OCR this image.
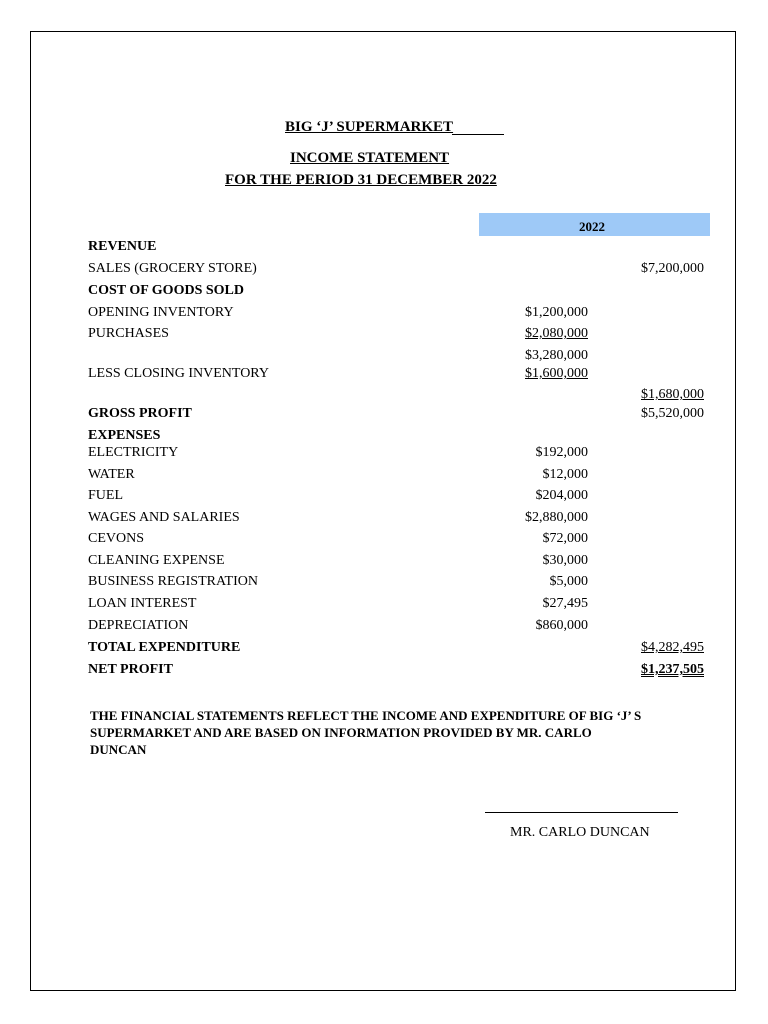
BIG ‘J’ SUPERMARKET
INCOME STATEMENT
FOR THE PERIOD 31 DECEMBER 2022
2022
REVENUE
SALES (GROCERY STORE)	$7,200,000
COST OF GOODS SOLD
OPENING INVENTORY	$1,200,000
PURCHASES	$2,080,000
$3,280,000
LESS CLOSING INVENTORY	$1,600,000
$1,680,000
GROSS PROFIT	$5,520,000
EXPENSES
ELECTRICITY	$192,000
WATER	$12,000
FUEL	$204,000
WAGES AND SALARIES	$2,880,000
CEVONS	$72,000
CLEANING EXPENSE	$30,000
BUSINESS REGISTRATION	$5,000
LOAN INTEREST	$27,495
DEPRECIATION	$860,000
TOTAL EXPENDITURE	$4,282,495
NET PROFIT	$1,237,505
THE FINANCIAL STATEMENTS REFLECT THE INCOME AND EXPENDITURE OF BIG ‘J’ S SUPERMARKET AND ARE BASED ON INFORMATION PROVIDED BY MR. CARLO DUNCAN
MR. CARLO DUNCAN
